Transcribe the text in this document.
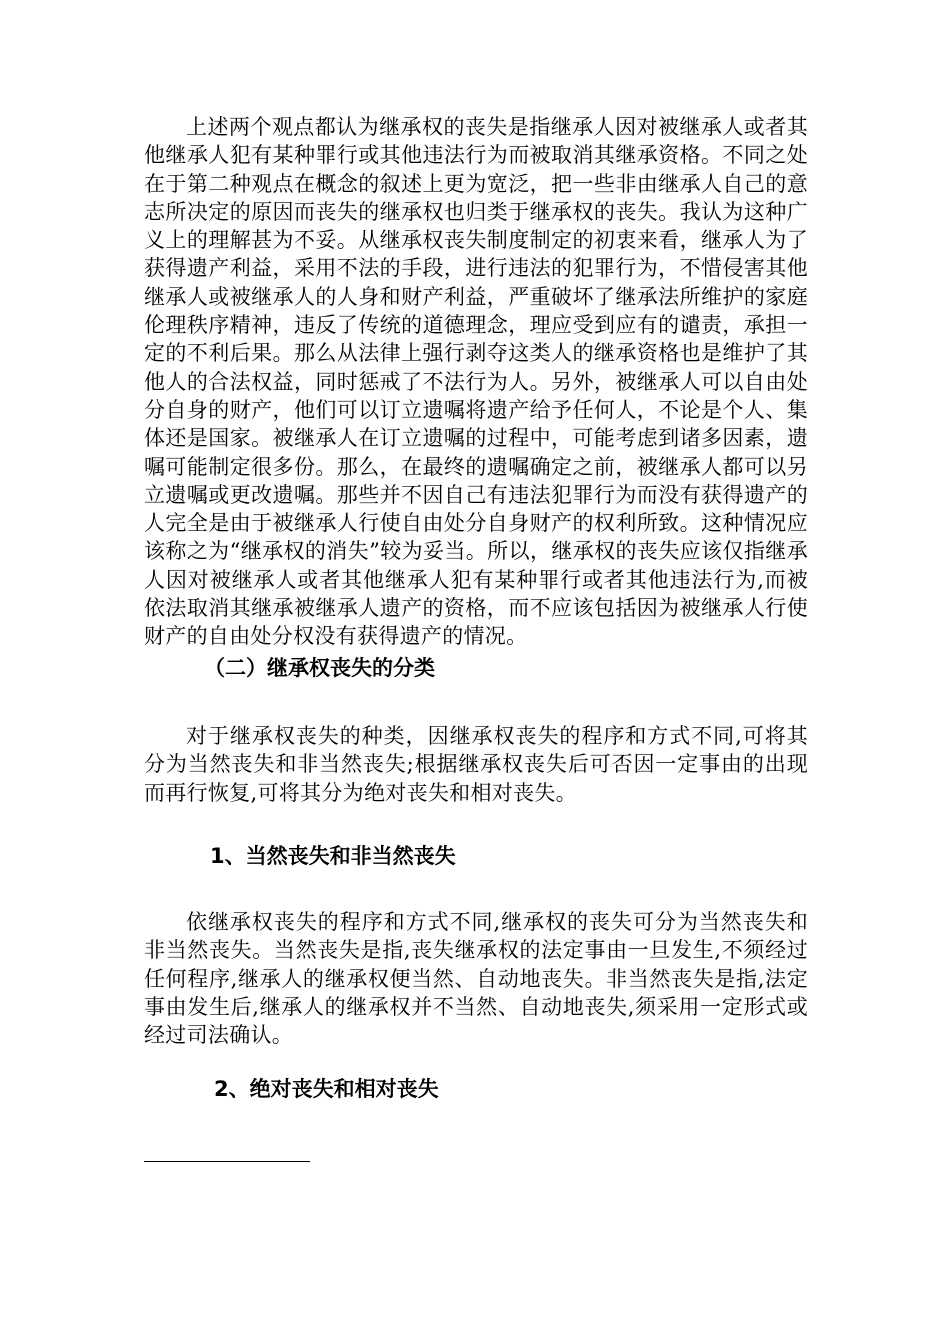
上述两个观点都认为继承权的丧失是指继承人因对被继承人或者其他继承人犯有某种罪行或其他违法行为而被取消其继承资格。不同之处在于第二种观点在概念的叙述上更为宽泛，把一些非由继承人自己的意志所决定的原因而丧失的继承权也归类于继承权的丧失。我认为这种广义上的理解甚为不妥。从继承权丧失制度制定的初衷来看，继承人为了获得遗产利益，采用不法的手段，进行违法的犯罪行为，不惜侵害其他继承人或被继承人的人身和财产利益，严重破坏了继承法所维护的家庭伦理秩序精神，违反了传统的道德理念，理应受到应有的谴责，承担一定的不利后果。那么从法律上强行剥夺这类人的继承资格也是维护了其他人的合法权益，同时惩戒了不法行为人。另外，被继承人可以自由处分自身的财产，他们可以订立遗嘱将遗产给予任何人，不论是个人、集体还是国家。被继承人在订立遗嘱的过程中，可能考虑到诸多因素，遗嘱可能制定很多份。那么，在最终的遗嘱确定之前，被继承人都可以另立遗嘱或更改遗嘱。那些并不因自己有违法犯罪行为而没有获得遗产的人完全是由于被继承人行使自由处分自身财产的权利所致。这种情况应该称之为“继承权的消失”较为妥当。所以，继承权的丧失应该仅指继承人因对被继承人或者其他继承人犯有某种罪行或者其他违法行为,而被依法取消其继承被继承人遗产的资格，而不应该包括因为被继承人行使财产的自由处分权没有获得遗产的情况。

（二）继承权丧失的分类

对于继承权丧失的种类，因继承权丧失的程序和方式不同,可将其分为当然丧失和非当然丧失;根据继承权丧失后可否因一定事由的出现而再行恢复,可将其分为绝对丧失和相对丧失。

1、当然丧失和非当然丧失

依继承权丧失的程序和方式不同,继承权的丧失可分为当然丧失和非当然丧失。当然丧失是指,丧失继承权的法定事由一旦发生,不须经过任何程序,继承人的继承权便当然、自动地丧失。非当然丧失是指,法定事由发生后,继承人的继承权并不当然、自动地丧失,须采用一定形式或经过司法确认。

2、绝对丧失和相对丧失
